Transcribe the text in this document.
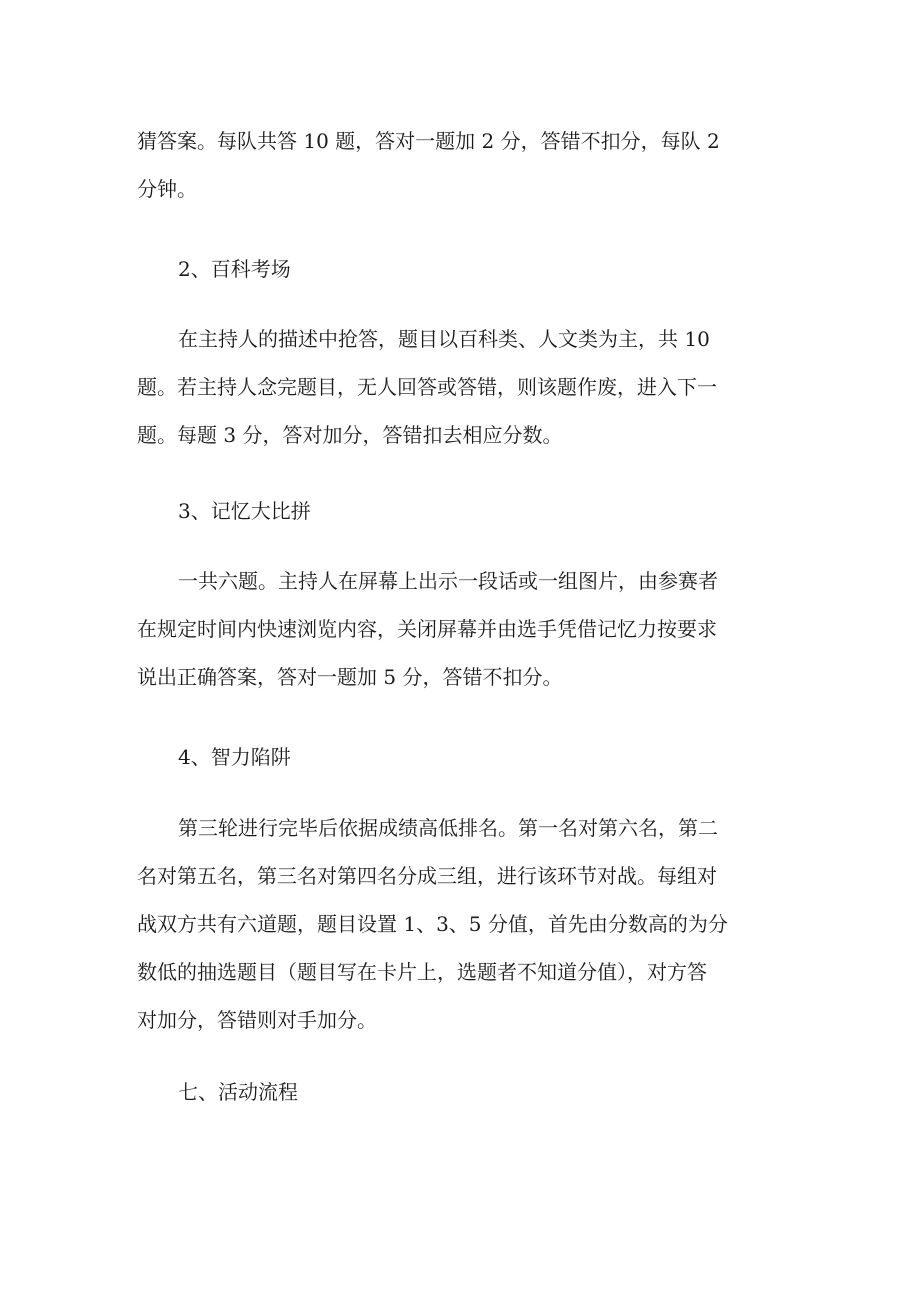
猜答案。每队共答 10 题，答对一题加 2 分，答错不扣分，每队 2
分钟。
2、百科考场
在主持人的描述中抢答，题目以百科类、人文类为主，共 10
题。若主持人念完题目，无人回答或答错，则该题作废，进入下一
题。每题 3 分，答对加分，答错扣去相应分数。
3、记忆大比拼
一共六题。主持人在屏幕上出示一段话或一组图片，由参赛者
在规定时间内快速浏览内容，关闭屏幕并由选手凭借记忆力按要求
说出正确答案，答对一题加 5 分，答错不扣分。
4、智力陷阱
第三轮进行完毕后依据成绩高低排名。第一名对第六名，第二
名对第五名，第三名对第四名分成三组，进行该环节对战。每组对
战双方共有六道题，题目设置 1、3、5 分值，首先由分数高的为分
数低的抽选题目（题目写在卡片上，选题者不知道分值），对方答
对加分，答错则对手加分。
七、活动流程
